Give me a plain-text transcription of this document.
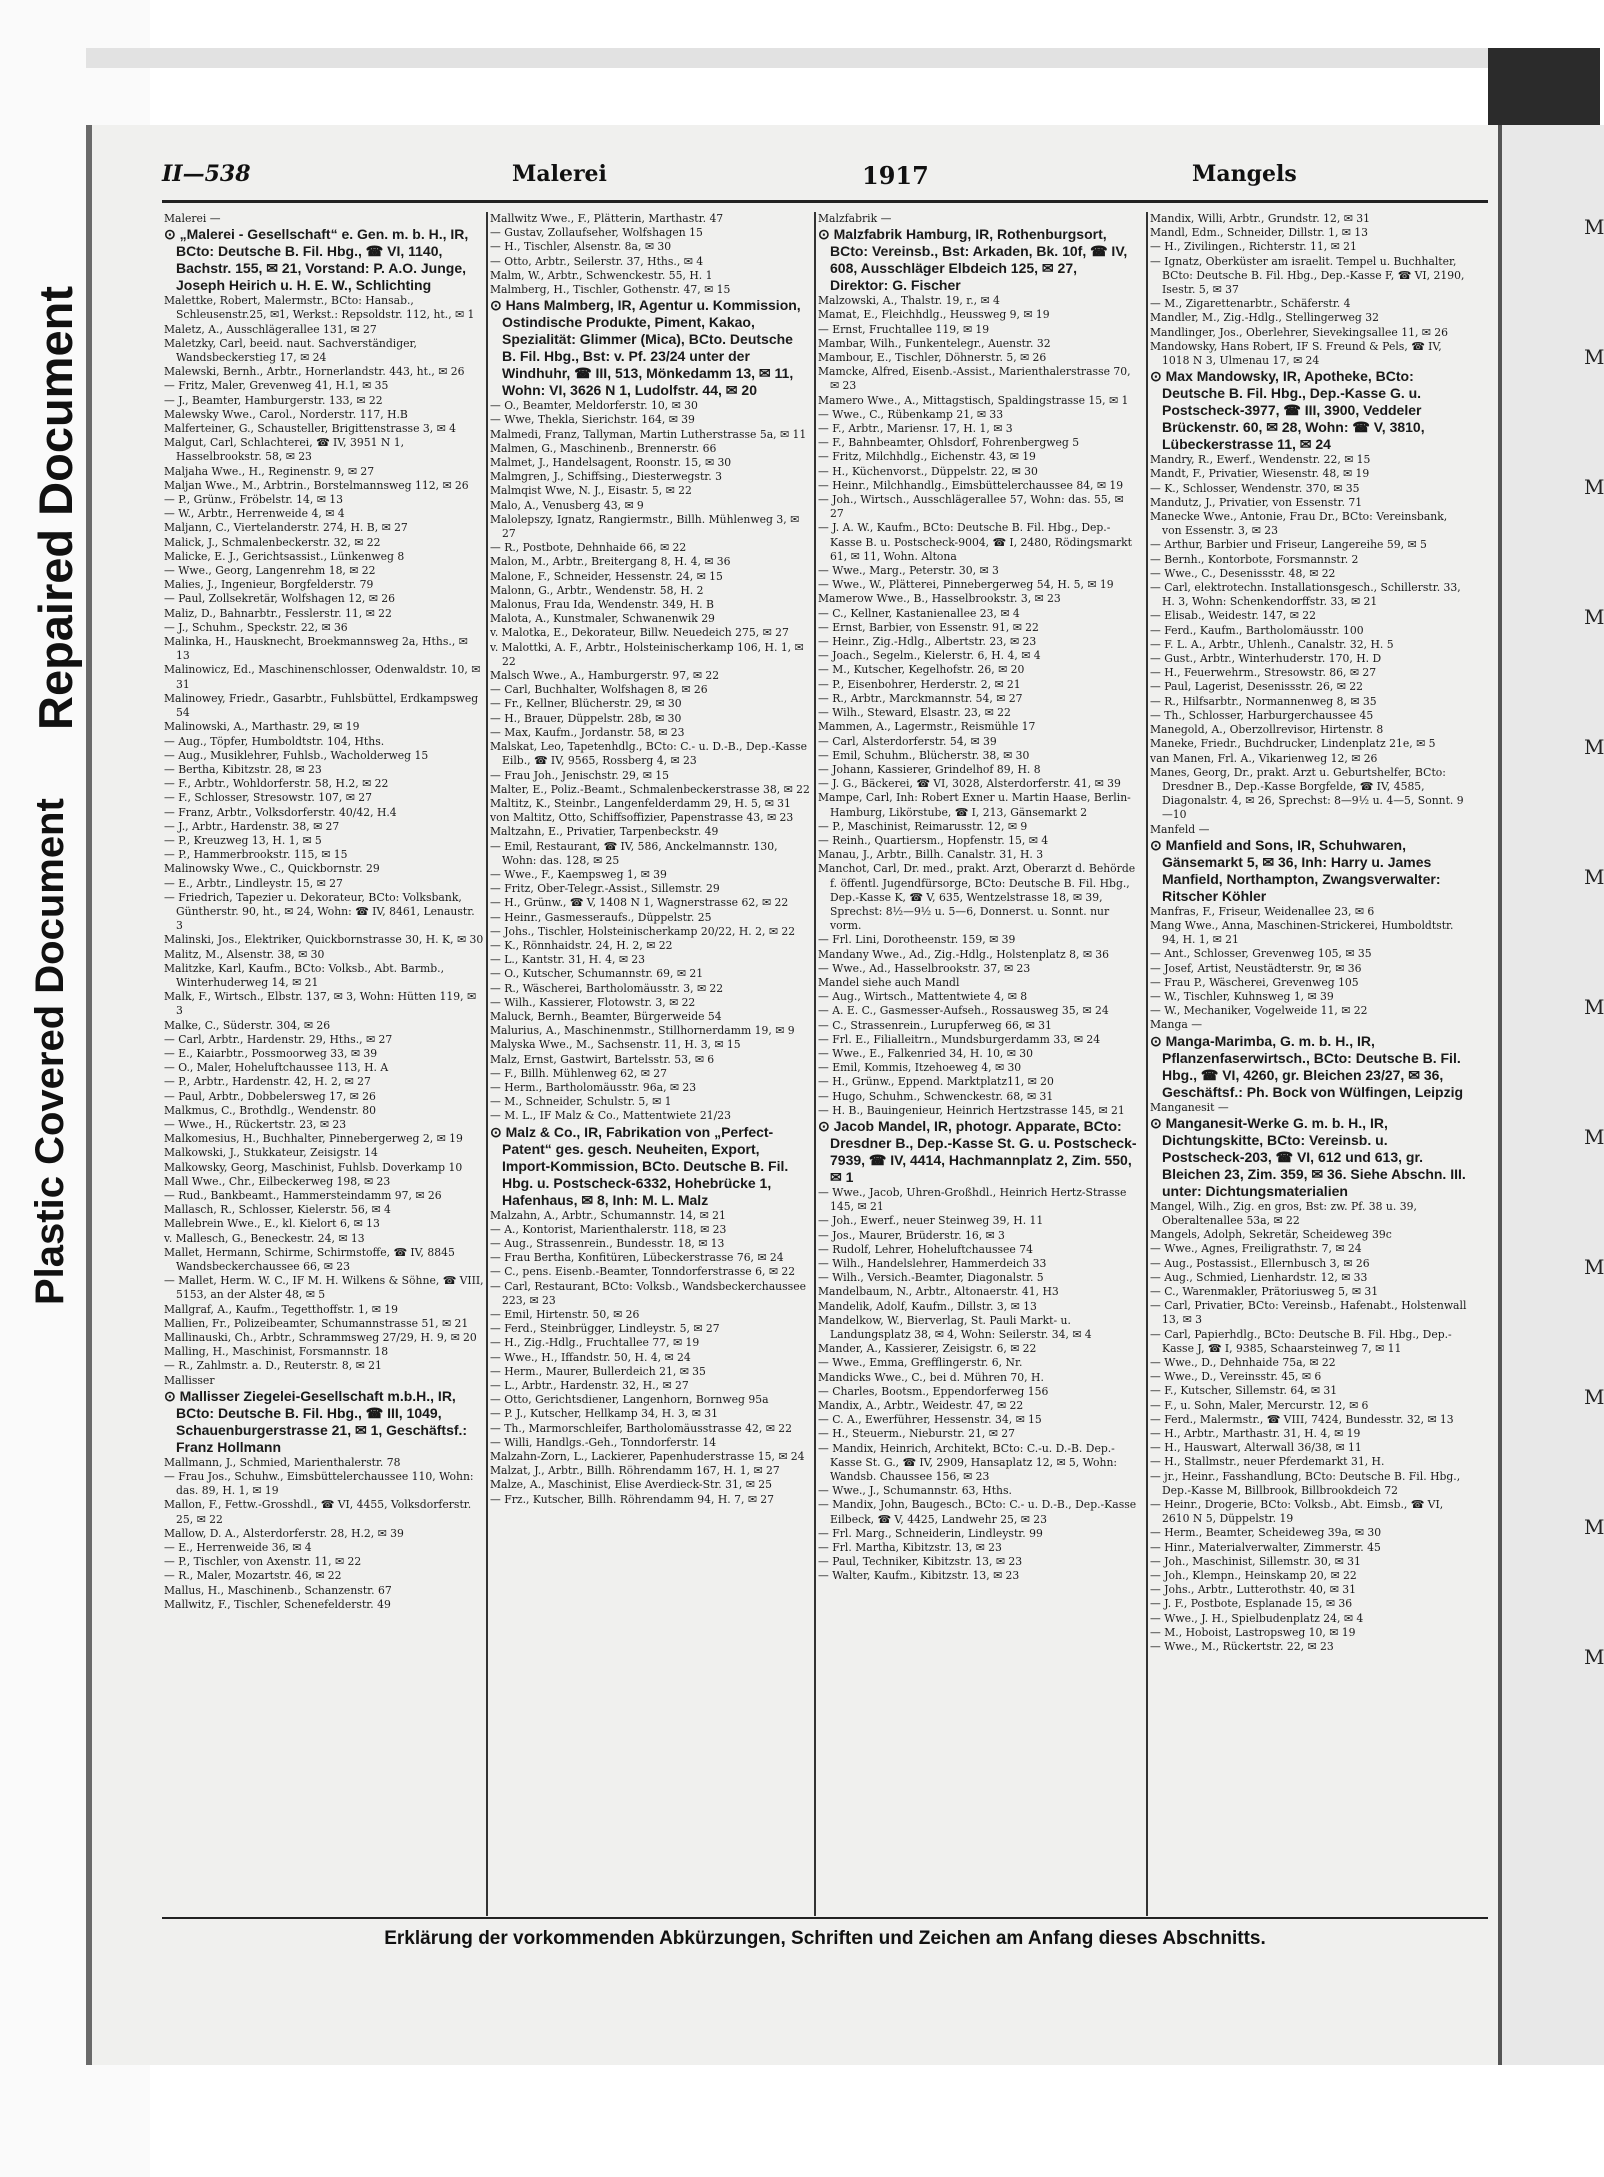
Plastic Covered Document
Repaired Document
II—538	Malerei	1917	Mangels

Malerei —

⊙ „Malerei - Gesellschaft“ e. Gen. m. b. H., IR, BCto: Deutsche B. Fil. Hbg., ☎ VI, 1140, Bachstr. 155, ✉ 21, Vorstand: P. A.O. Junge, Joseph Heirich u. H. E. W., Schlichting

Malettke, Robert, Malermstr., BCto: Hansab., Schleusenstr.25, ✉1, Werkst.: Repsoldstr. 112, ht., ✉ 1

Maletz, A., Ausschlägerallee 131, ✉ 27

Maletzky, Carl, beeid. naut. Sachverständiger, Wandsbeckerstieg 17, ✉ 24

Malewski, Bernh., Arbtr., Hornerlandstr. 443, ht., ✉ 26

— Fritz, Maler, Grevenweg 41, H.1, ✉ 35

— J., Beamter, Hamburgerstr. 133, ✉ 22

Malewsky Wwe., Carol., Norderstr. 117, H.B

Malferteiner, G., Schausteller, Brigittenstrasse 3, ✉ 4

Malgut, Carl, Schlachterei, ☎ IV, 3951 N 1, Hasselbrookstr. 58, ✉ 23

Maljaha Wwe., H., Reginenstr. 9, ✉ 27

Maljan Wwe., M., Arbtrin., Borstelmannsweg 112, ✉ 26

— P., Grünw., Fröbelstr. 14, ✉ 13

— W., Arbtr., Herrenweide 4, ✉ 4

Maljann, C., Viertelanderstr. 274, H. B, ✉ 27

Malick, J., Schmalenbeckerstr. 32, ✉ 22

Malicke, E. J., Gerichtsassist., Lünkenweg 8

— Wwe., Georg, Langenrehm 18, ✉ 22

Malies, J., Ingenieur, Borgfelderstr. 79

— Paul, Zollsekretär, Wolfshagen 12, ✉ 26

Maliz, D., Bahnarbtr., Fesslerstr. 11, ✉ 22

— J., Schuhm., Speckstr. 22, ✉ 36

Malinka, H., Hausknecht, Broekmannsweg 2a, Hths., ✉ 13

Malinowicz, Ed., Maschinenschlosser, Odenwaldstr. 10, ✉ 31

Malinowey, Friedr., Gasarbtr., Fuhlsbüttel, Erdkampsweg 54

Malinowski, A., Marthastr. 29, ✉ 19

— Aug., Töpfer, Humboldtstr. 104, Hths.

— Aug., Musiklehrer, Fuhlsb., Wacholderweg 15

— Bertha, Kibitzstr. 28, ✉ 23

— F., Arbtr., Wohldorferstr. 58, H.2, ✉ 22

— F., Schlosser, Stresowstr. 107, ✉ 27

— Franz, Arbtr., Volksdorferstr. 40/42, H.4

— J., Arbtr., Hardenstr. 38, ✉ 27

— P., Kreuzweg 13, H. 1, ✉ 5

— P., Hammerbrookstr. 115, ✉ 15

Malinowsky Wwe., C., Quickbornstr. 29

— E., Arbtr., Lindleystr. 15, ✉ 27

— Friedrich, Tapezier u. Dekorateur, BCto: Volksbank, Güntherstr. 90, ht., ✉ 24, Wohn: ☎ IV, 8461, Lenaustr. 3

Malinski, Jos., Elektriker, Quickbornstrasse 30, H. K, ✉ 30

Malitz, M., Alsenstr. 38, ✉ 30

Malitzke, Karl, Kaufm., BCto: Volksb., Abt. Barmb., Winterhuderweg 14, ✉ 21

Malk, F., Wirtsch., Elbstr. 137, ✉ 3, Wohn: Hütten 119, ✉ 3

Malke, C., Süderstr. 304, ✉ 26

— Carl, Arbtr., Hardenstr. 29, Hths., ✉ 27

— E., Kaiarbtr., Possmoorweg 33, ✉ 39

— O., Maler, Hoheluftchaussee 113, H. A

— P., Arbtr., Hardenstr. 42, H. 2, ✉ 27

— Paul, Arbtr., Dobbelersweg 17, ✉ 26

Malkmus, C., Brothdlg., Wendenstr. 80

— Wwe., H., Rückertstr. 23, ✉ 23

Malkomesius, H., Buchhalter, Pinnebergerweg 2, ✉ 19

Malkowski, J., Stukkateur, Zeisigstr. 14

Malkowsky, Georg, Maschinist, Fuhlsb. Doverkamp 10

Mall Wwe., Chr., Eilbeckerweg 198, ✉ 23

— Rud., Bankbeamt., Hammersteindamm 97, ✉ 26

Mallasch, R., Schlosser, Kielerstr. 56, ✉ 4

Mallebrein Wwe., E., kl. Kielort 6, ✉ 13

v. Mallesch, G., Beneckestr. 24, ✉ 13

Mallet, Hermann, Schirme, Schirmstoffe, ☎ IV, 8845 Wandsbeckerchaussee 66, ✉ 23

— Mallet, Herm. W. C., IF M. H. Wilkens & Söhne, ☎ VIII, 5153, an der Alster 48, ✉ 5

Mallgraf, A., Kaufm., Tegetthoffstr. 1, ✉ 19

Mallien, Fr., Polizeibeamter, Schumannstrasse 51, ✉ 21

Mallinauski, Ch., Arbtr., Schrammsweg 27/29, H. 9, ✉ 20

Malling, H., Maschinist, Forsmannstr. 18

— R., Zahlmstr. a. D., Reuterstr. 8, ✉ 21

Mallisser

⊙ Mallisser Ziegelei-Gesellschaft m.b.H., IR, BCto: Deutsche B. Fil. Hbg., ☎ III, 1049, Schauenburgerstrasse 21, ✉ 1, Geschäftsf.: Franz Hollmann

Mallmann, J., Schmied, Marienthalerstr. 78

— Frau Jos., Schuhw., Eimsbüttelerchaussee 110, Wohn: das. 89, H. 1, ✉ 19

Mallon, F., Fettw.-Grosshdl., ☎ VI, 4455, Volksdorferstr. 25, ✉ 22

Mallow, D. A., Alsterdorferstr. 28, H.2, ✉ 39

— E., Herrenweide 36, ✉ 4

— P., Tischler, von Axenstr. 11, ✉ 22

— R., Maler, Mozartstr. 46, ✉ 22

Mallus, H., Maschinenb., Schanzenstr. 67

Mallwitz, F., Tischler, Schenefelderstr. 49

Mallwitz Wwe., F., Plätterin, Marthastr. 47

— Gustav, Zollaufseher, Wolfshagen 15

— H., Tischler, Alsenstr. 8a, ✉ 30

— Otto, Arbtr., Seilerstr. 37, Hths., ✉ 4

Malm, W., Arbtr., Schwenckestr. 55, H. 1

Malmberg, H., Tischler, Gothenstr. 47, ✉ 15

⊙ Hans Malmberg, IR, Agentur u. Kommission, Ostindische Produkte, Piment, Kakao, Spezialität: Glimmer (Mica), BCto. Deutsche B. Fil. Hbg., Bst: v. Pf. 23/24 unter der Windhuhr, ☎ III, 513, Mönkedamm 13, ✉ 11, Wohn: VI, 3626 N 1, Ludolfstr. 44, ✉ 20

— O., Beamter, Meldorferstr. 10, ✉ 30

— Wwe, Thekla, Sierichstr. 164, ✉ 39

Malmedi, Franz, Tallyman, Martin Lutherstrasse 5a, ✉ 11

Malmen, G., Maschinenb., Brennerstr. 66

Malmet, J., Handelsagent, Roonstr. 15, ✉ 30

Malmgren, J., Schiffsing., Diesterwegstr. 3

Malmqist Wwe, N. J., Eisastr. 5, ✉ 22

Malo, A., Venusberg 43, ✉ 9

Malolepszy, Ignatz, Rangiermstr., Billh. Mühlenweg 3, ✉ 27

— R., Postbote, Dehnhaide 66, ✉ 22

Malon, M., Arbtr., Breitergang 8, H. 4, ✉ 36

Malone, F., Schneider, Hessenstr. 24, ✉ 15

Malonn, G., Arbtr., Wendenstr. 58, H. 2

Malonus, Frau Ida, Wendenstr. 349, H. B

Malota, A., Kunstmaler, Schwanenwik 29

v. Malotka, E., Dekorateur, Billw. Neuedeich 275, ✉ 27

v. Malottki, A. F., Arbtr., Holsteinischerkamp 106, H. 1, ✉ 22

Malsch Wwe., A., Hamburgerstr. 97, ✉ 22

— Carl, Buchhalter, Wolfshagen 8, ✉ 26

— Fr., Kellner, Blücherstr. 29, ✉ 30

— H., Brauer, Düppelstr. 28b, ✉ 30

— Max, Kaufm., Jordanstr. 58, ✉ 23

Malskat, Leo, Tapetenhdlg., BCto: C.- u. D.-B., Dep.-Kasse Eilb., ☎ IV, 9565, Rossberg 4, ✉ 23

— Frau Joh., Jenischstr. 29, ✉ 15

Malter, E., Poliz.-Beamt., Schmalenbeckerstrasse 38, ✉ 22

Maltitz, K., Steinbr., Langenfelderdamm 29, H. 5, ✉ 31

von Maltitz, Otto, Schiffsoffizier, Papenstrasse 43, ✉ 23

Maltzahn, E., Privatier, Tarpenbeckstr. 49

— Emil, Restaurant, ☎ IV, 586, Anckelmannstr. 130, Wohn: das. 128, ✉ 25

— Wwe., F., Kaempsweg 1, ✉ 39

— Fritz, Ober-Telegr.-Assist., Sillemstr. 29

— H., Grünw., ☎ V, 1408 N 1, Wagnerstrasse 62, ✉ 22

— Heinr., Gasmesseraufs., Düppelstr. 25

— Johs., Tischler, Holsteinischerkamp 20/22, H. 2, ✉ 22

— K., Rönnhaidstr. 24, H. 2, ✉ 22

— L., Kantstr. 31, H. 4, ✉ 23

— O., Kutscher, Schumannstr. 69, ✉ 21

— R., Wäscherei, Bartholomäusstr. 3, ✉ 22

— Wilh., Kassierer, Flotowstr. 3, ✉ 22

Maluck, Bernh., Beamter, Bürgerweide 54

Malurius, A., Maschinenmstr., Stillhornerdamm 19, ✉ 9

Malyska Wwe., M., Sachsenstr. 11, H. 3, ✉ 15

Malz, Ernst, Gastwirt, Bartelsstr. 53, ✉ 6

— F., Billh. Mühlenweg 62, ✉ 27

— Herm., Bartholomäusstr. 96a, ✉ 23

— M., Schneider, Schulstr. 5, ✉ 1

— M. L., IF Malz & Co., Mattentwiete 21/23

⊙ Malz & Co., IR, Fabrikation von „Perfect-Patent“ ges. gesch. Neuheiten, Export, Import-Kommission, BCto. Deutsche B. Fil. Hbg. u. Postscheck-6332, Hohebrücke 1, Hafenhaus, ✉ 8, Inh: M. L. Malz

Malzahn, A., Arbtr., Schumannstr. 14, ✉ 21

— A., Kontorist, Marienthalerstr. 118, ✉ 23

— Aug., Strassenrein., Bundesstr. 18, ✉ 13

— Frau Bertha, Konfitüren, Lübeckerstrasse 76, ✉ 24

— C., pens. Eisenb.-Beamter, Tonndorferstrasse 6, ✉ 22

— Carl, Restaurant, BCto: Volksb., Wandsbeckerchaussee 223, ✉ 23

— Emil, Hirtenstr. 50, ✉ 26

— Ferd., Steinbrügger, Lindleystr. 5, ✉ 27

— H., Zig.-Hdlg., Fruchtallee 77, ✉ 19

— Wwe., H., Iffandstr. 50, H. 4, ✉ 24

— Herm., Maurer, Bullerdeich 21, ✉ 35

— L., Arbtr., Hardenstr. 32, H., ✉ 27

— Otto, Gerichtsdiener, Langenhorn, Bornweg 95a

— P. J., Kutscher, Hellkamp 34, H. 3, ✉ 31

— Th., Marmorschleifer, Bartholomäusstrasse 42, ✉ 22

— Willi, Handlgs.-Geh., Tonndorferstr. 14

Malzahn-Zorn, L., Lackierer, Papenhuderstrasse 15, ✉ 24

Malzat, J., Arbtr., Billh. Röhrendamm 167, H. 1, ✉ 27

Malze, A., Maschinist, Elise Averdieck-Str. 31, ✉ 25

— Frz., Kutscher, Billh. Röhrendamm 94, H. 7, ✉ 27

Malzfabrik —

⊙ Malzfabrik Hamburg, IR, Rothenburgsort, BCto: Vereinsb., Bst: Arkaden, Bk. 10f, ☎ IV, 608, Ausschläger Elbdeich 125, ✉ 27, Direktor: G. Fischer

Malzowski, A., Thalstr. 19, r., ✉ 4

Mamat, E., Fleichhdlg., Heussweg 9, ✉ 19

— Ernst, Fruchtallee 119, ✉ 19

Mambar, Wilh., Funkentelegr., Auenstr. 32

Mambour, E., Tischler, Döhnerstr. 5, ✉ 26

Mamcke, Alfred, Eisenb.-Assist., Marienthalerstrasse 70, ✉ 23

Mamero Wwe., A., Mittagstisch, Spaldingstrasse 15, ✉ 1

— Wwe., C., Rübenkamp 21, ✉ 33

— F., Arbtr., Mariensr. 17, H. 1, ✉ 3

— F., Bahnbeamter, Ohlsdorf, Fohrenbergweg 5

— Fritz, Milchhdlg., Eichenstr. 43, ✉ 19

— H., Küchenvorst., Düppelstr. 22, ✉ 30

— Heinr., Milchhandlg., Eimsbüttelerchaussee 84, ✉ 19

— Joh., Wirtsch., Ausschlägerallee 57, Wohn: das. 55, ✉ 27

— J. A. W., Kaufm., BCto: Deutsche B. Fil. Hbg., Dep.-Kasse B. u. Postscheck-9004, ☎ I, 2480, Rödingsmarkt 61, ✉ 11, Wohn. Altona

— Wwe., Marg., Peterstr. 30, ✉ 3

— Wwe., W., Plätterei, Pinnebergerweg 54, H. 5, ✉ 19

Mamerow Wwe., B., Hasselbrookstr. 3, ✉ 23

— C., Kellner, Kastanienallee 23, ✉ 4

— Ernst, Barbier, von Essenstr. 91, ✉ 22

— Heinr., Zig.-Hdlg., Albertstr. 23, ✉ 23

— Joach., Segelm., Kielerstr. 6, H. 4, ✉ 4

— M., Kutscher, Kegelhofstr. 26, ✉ 20

— P., Eisenbohrer, Herderstr. 2, ✉ 21

— R., Arbtr., Marckmannstr. 54, ✉ 27

— Wilh., Steward, Elsastr. 23, ✉ 22

Mammen, A., Lagermstr., Reismühle 17

— Carl, Alsterdorferstr. 54, ✉ 39

— Emil, Schuhm., Blücherstr. 38, ✉ 30

— Johann, Kassierer, Grindelhof 89, H. 8

— J. G., Bäckerei, ☎ VI, 3028, Alsterdorferstr. 41, ✉ 39

Mampe, Carl, Inh: Robert Exner u. Martin Haase, Berlin-Hamburg, Likörstube, ☎ I, 213, Gänsemarkt 2

— P., Maschinist, Reimarusstr. 12, ✉ 9

— Reinh., Quartiersm., Hopfenstr. 15, ✉ 4

Manau, J., Arbtr., Billh. Canalstr. 31, H. 3

Manchot, Carl, Dr. med., prakt. Arzt, Oberarzt d. Behörde f. öffentl. Jugendfürsorge, BCto: Deutsche B. Fil. Hbg., Dep.-Kasse K, ☎ V, 635, Wentzelstrasse 18, ✉ 39, Sprechst: 8½—9½ u. 5—6, Donnerst. u. Sonnt. nur vorm.

— Frl. Lini, Dorotheenstr. 159, ✉ 39

Mandany Wwe., Ad., Zig.-Hdlg., Holstenplatz 8, ✉ 36

— Wwe., Ad., Hasselbrookstr. 37, ✉ 23

Mandel siehe auch Mandl

— Aug., Wirtsch., Mattentwiete 4, ✉ 8

— A. E. C., Gasmesser-Aufseh., Rossausweg 35, ✉ 24

— C., Strassenrein., Lurupferweg 66, ✉ 31

— Frl. E., Filialleitrn., Mundsburgerdamm 33, ✉ 24

— Wwe., E., Falkenried 34, H. 10, ✉ 30

— Emil, Kommis, Itzehoeweg 4, ✉ 30

— H., Grünw., Eppend. Marktplatz11, ✉ 20

— Hugo, Schuhm., Schwenckestr. 68, ✉ 31

— H. B., Bauingenieur, Heinrich Hertzstrasse 145, ✉ 21

⊙ Jacob Mandel, IR, photogr. Apparate, BCto: Dresdner B., Dep.-Kasse St. G. u. Postscheck-7939, ☎ IV, 4414, Hachmannplatz 2, Zim. 550, ✉ 1

— Wwe., Jacob, Uhren-Großhdl., Heinrich Hertz-Strasse 145, ✉ 21

— Joh., Ewerf., neuer Steinweg 39, H. 11

— Jos., Maurer, Brüderstr. 16, ✉ 3

— Rudolf, Lehrer, Hoheluftchaussee 74

— Wilh., Handelslehrer, Hammerdeich 33

— Wilh., Versich.-Beamter, Diagonalstr. 5

Mandelbaum, N., Arbtr., Altonaerstr. 41, H3

Mandelik, Adolf, Kaufm., Dillstr. 3, ✉ 13

Mandelkow, W., Bierverlag, St. Pauli Markt- u. Landungsplatz 38, ✉ 4, Wohn: Seilerstr. 34, ✉ 4

Mander, A., Kassierer, Zeisigstr. 6, ✉ 22

— Wwe., Emma, Grefflingerstr. 6, Nr.

Mandicks Wwe., C., bei d. Mühren 70, H.

— Charles, Bootsm., Eppendorferweg 156

Mandix, A., Arbtr., Weidestr. 47, ✉ 22

— C. A., Ewerführer, Hessenstr. 34, ✉ 15

— H., Steuerm., Nieburstr. 21, ✉ 27

— Mandix, Heinrich, Architekt, BCto: C.-u. D.-B. Dep.-Kasse St. G., ☎ IV, 2909, Hansaplatz 12, ✉ 5, Wohn: Wandsb. Chaussee 156, ✉ 23

— Wwe., J., Schumannstr. 63, Hths.

— Mandix, John, Baugesch., BCto: C.- u. D.-B., Dep.-Kasse Eilbeck, ☎ V, 4425, Landwehr 25, ✉ 23

— Frl. Marg., Schneiderin, Lindleystr. 99

— Frl. Martha, Kibitzstr. 13, ✉ 23

— Paul, Techniker, Kibitzstr. 13, ✉ 23

— Walter, Kaufm., Kibitzstr. 13, ✉ 23

Mandix, Willi, Arbtr., Grundstr. 12, ✉ 31

Mandl, Edm., Schneider, Dillstr. 1, ✉ 13

— H., Zivilingen., Richterstr. 11, ✉ 21

— Ignatz, Oberküster am israelit. Tempel u. Buchhalter, BCto: Deutsche B. Fil. Hbg., Dep.-Kasse F, ☎ VI, 2190, Isestr. 5, ✉ 37

— M., Zigarettenarbtr., Schäferstr. 4

Mandler, M., Zig.-Hdlg., Stellingerweg 32

Mandlinger, Jos., Oberlehrer, Sievekingsallee 11, ✉ 26

Mandowsky, Hans Robert, IF S. Freund & Pels, ☎ IV, 1018 N 3, Ulmenau 17, ✉ 24

⊙ Max Mandowsky, IR, Apotheke, BCto: Deutsche B. Fil. Hbg., Dep.-Kasse G. u. Postscheck-3977, ☎ III, 3900, Veddeler Brückenstr. 60, ✉ 28, Wohn: ☎ V, 3810, Lübeckerstrasse 11, ✉ 24

Mandry, R., Ewerf., Wendenstr. 22, ✉ 15

Mandt, F., Privatier, Wiesenstr. 48, ✉ 19

— K., Schlosser, Wendenstr. 370, ✉ 35

Mandutz, J., Privatier, von Essenstr. 71

Manecke Wwe., Antonie, Frau Dr., BCto: Vereinsbank, von Essenstr. 3, ✉ 23

— Arthur, Barbier und Friseur, Langereihe 59, ✉ 5

— Bernh., Kontorbote, Forsmannstr. 2

— Wwe., C., Desenissstr. 48, ✉ 22

— Carl, elektrotechn. Installationsgesch., Schillerstr. 33, H. 3, Wohn: Schenkendorffstr. 33, ✉ 21

— Elisab., Weidestr. 147, ✉ 22

— Ferd., Kaufm., Bartholomäusstr. 100

— F. L. A., Arbtr., Uhlenh., Canalstr. 32, H. 5

— Gust., Arbtr., Winterhuderstr. 170, H. D

— H., Feuerwehrm., Stresowstr. 86, ✉ 27

— Paul, Lagerist, Desenissstr. 26, ✉ 22

— R., Hilfsarbtr., Normannenweg 8, ✉ 35

— Th., Schlosser, Harburgerchaussee 45

Manegold, A., Oberzollrevisor, Hirtenstr. 8

Maneke, Friedr., Buchdrucker, Lindenplatz 21e, ✉ 5

van Manen, Frl. A., Vikarienweg 12, ✉ 26

Manes, Georg, Dr., prakt. Arzt u. Geburtshelfer, BCto: Dresdner B., Dep.-Kasse Borgfelde, ☎ IV, 4585, Diagonalstr. 4, ✉ 26, Sprechst: 8—9½ u. 4—5, Sonnt. 9—10

Manfeld —

⊙ Manfield and Sons, IR, Schuhwaren, Gänsemarkt 5, ✉ 36, Inh: Harry u. James Manfield, Northampton, Zwangsverwalter: Ritscher Köhler

Manfras, F., Friseur, Weidenallee 23, ✉ 6

Mang Wwe., Anna, Maschinen-Strickerei, Humboldtstr. 94, H. 1, ✉ 21

— Ant., Schlosser, Grevenweg 105, ✉ 35

— Josef, Artist, Neustädterstr. 9r, ✉ 36

— Frau P., Wäscherei, Grevenweg 105

— W., Tischler, Kuhnsweg 1, ✉ 39

— W., Mechaniker, Vogelweide 11, ✉ 22

Manga —

⊙ Manga-Marimba, G. m. b. H., IR, Pflanzenfaserwirtsch., BCto: Deutsche B. Fil. Hbg., ☎ VI, 4260, gr. Bleichen 23/27, ✉ 36, Geschäftsf.: Ph. Bock von Wülfingen, Leipzig

Manganesit —

⊙ Manganesit-Werke G. m. b. H., IR, Dichtungskitte, BCto: Vereinsb. u. Postscheck-203, ☎ VI, 612 und 613, gr. Bleichen 23, Zim. 359, ✉ 36. Siehe Abschn. III. unter: Dichtungsmaterialien

Mangel, Wilh., Zig. en gros, Bst: zw. Pf. 38 u. 39, Oberaltenallee 53a, ✉ 22

Mangels, Adolph, Sekretär, Scheideweg 39c

— Wwe., Agnes, Freiligrathstr. 7, ✉ 24

— Aug., Postassist., Ellernbusch 3, ✉ 26

— Aug., Schmied, Lienhardstr. 12, ✉ 33

— C., Warenmakler, Prätoriusweg 5, ✉ 31

— Carl, Privatier, BCto: Vereinsb., Hafenabt., Holstenwall 13, ✉ 3

— Carl, Papierhdlg., BCto: Deutsche B. Fil. Hbg., Dep.-Kasse J, ☎ I, 9385, Schaarsteinweg 7, ✉ 11

— Wwe., D., Dehnhaide 75a, ✉ 22

— Wwe., D., Vereinsstr. 45, ✉ 6

— F., Kutscher, Sillemstr. 64, ✉ 31

— F., u. Sohn, Maler, Mercurstr. 12, ✉ 6

— Ferd., Malermstr., ☎ VIII, 7424, Bundesstr. 32, ✉ 13

— H., Arbtr., Marthastr. 31, H. 4, ✉ 19

— H., Hauswart, Alterwall 36/38, ✉ 11

— H., Stallmstr., neuer Pferdemarkt 31, H.

— jr., Heinr., Fasshandlung, BCto: Deutsche B. Fil. Hbg., Dep.-Kasse M, Billbrook, Billbrookdeich 72

— Heinr., Drogerie, BCto: Volksb., Abt. Eimsb., ☎ VI, 2610 N 5, Düppelstr. 19

— Herm., Beamter, Scheideweg 39a, ✉ 30

— Hinr., Materialverwalter, Zimmerstr. 45

— Joh., Maschinist, Sillemstr. 30, ✉ 31

— Joh., Klempn., Heinskamp 20, ✉ 22

— Johs., Arbtr., Lutterothstr. 40, ✉ 31

— J. F., Postbote, Esplanade 15, ✉ 36

— Wwe., J. H., Spielbudenplatz 24, ✉ 4

— M., Hoboist, Lastropsweg 10, ✉ 19

— Wwe., M., Rückertstr. 22, ✉ 23

Erklärung der vorkommenden Abkürzungen, Schriften und Zeichen am Anfang dieses Abschnitts.
M
M
M
M
M
M
M
M
M
M
M
M
